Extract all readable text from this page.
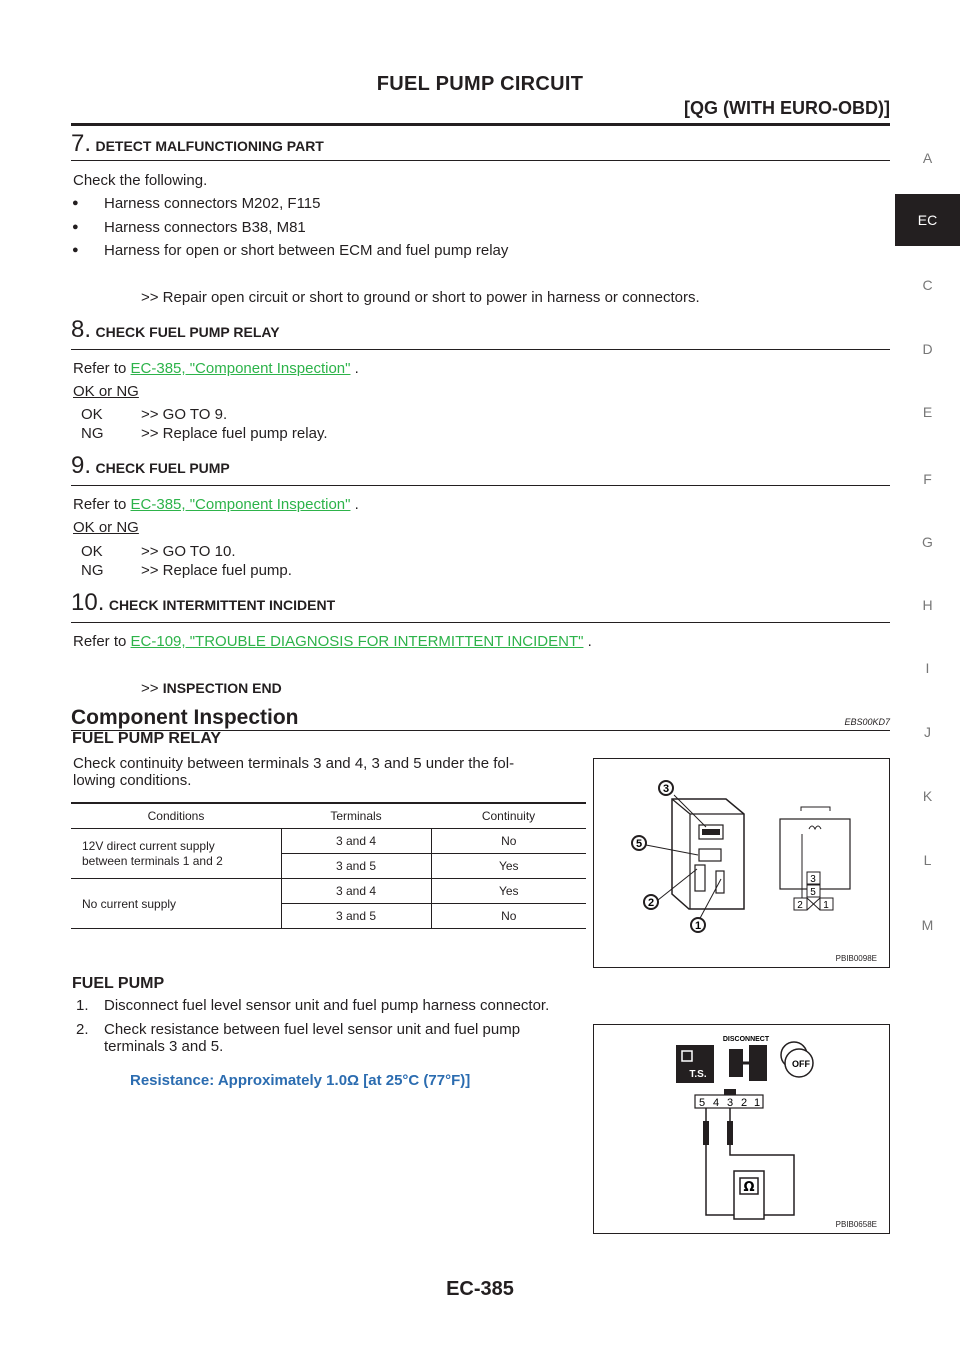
FUEL PUMP CIRCUIT
[QG (WITH EURO-OBD)]
A
EC
C
D
E
F
G
H
I
J
K
L
M
7. DETECT MALFUNCTIONING PART
Check the following.
● Harness connectors M202, F115
● Harness connectors B38, M81
● Harness for open or short between ECM and fuel pump relay
>> Repair open circuit or short to ground or short to power in harness or connectors.
8. CHECK FUEL PUMP RELAY
Refer to EC-385, "Component Inspection" .
OK or NG
OK	>> GO TO 9.
NG	>> Replace fuel pump relay.
9. CHECK FUEL PUMP
Refer to EC-385, "Component Inspection" .
OK or NG
OK	>> GO TO 10.
NG	>> Replace fuel pump.
10. CHECK INTERMITTENT INCIDENT
Refer to EC-109, "TROUBLE DIAGNOSIS FOR INTERMITTENT INCIDENT" .
>> INSPECTION END
Component Inspection	EBS00KD7
FUEL PUMP RELAY
Check continuity between terminals 3 and 4, 3 and 5 under the fol-
lowing conditions.
Conditions	Terminals	Continuity

12V direct current supply
between terminals 1 and 2	3 and 4	No
	3 and 5	Yes
No current supply	3 and 4	Yes
	3 and 5	No
3
5
2
1
3
5
2 1
PBIB0098E
FUEL PUMP
1. Disconnect fuel level sensor unit and fuel pump harness connector.
2. Check resistance between fuel level sensor unit and fuel pump
terminals 3 and 5.
Resistance: Approximately 1.0Ω [at 25°C (77°F)]	T.S.
DISCONNECT
OFF
5 4 3 2 1
Ω
PBIB0658E
EC-385
